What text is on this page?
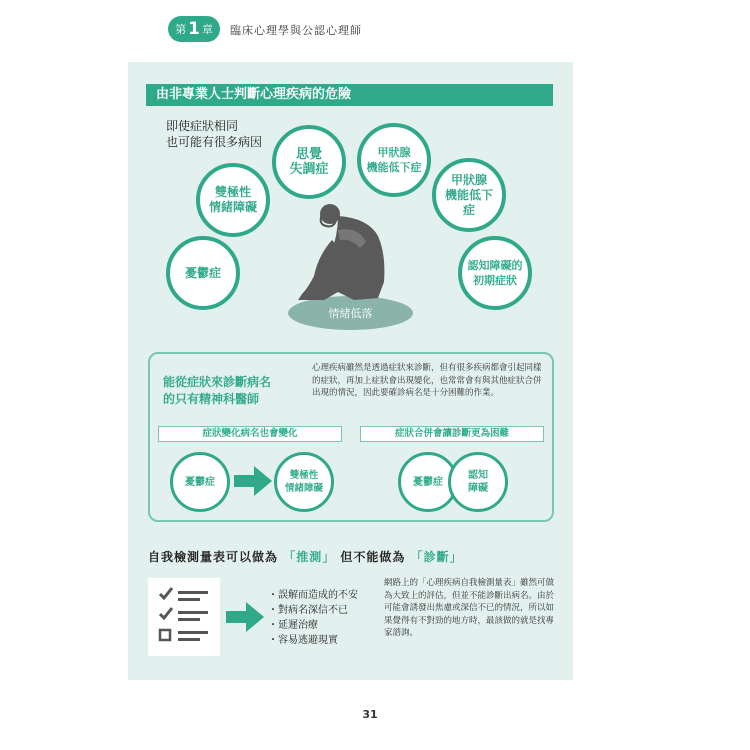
第 1 章 臨床心理學與公認心理師
由非專業人士判斷心理疾病的危險
即使症狀相同
也可能有很多病因
雙極性
情緒障礙
思覺
失調症
甲狀腺
機能低下症
甲狀腺
機能低下
症
憂鬱症	認知障礙的
初期症狀
情緒低落
能從症狀來診斷病名
的只有精神科醫師
心理疾病雖然是透過症狀來診斷，但有很多疾病都會引起同樣的症狀，再加上症狀會出現變化，也常常會有與其他症狀合併出現的情況，因此要確診病名是十分困難的作業。
症狀變化病名也會變化	症狀合併會讓診斷更為困難
憂鬱症
雙極性
情緒障礙
憂鬱症
認知
障礙
自我檢測量表可以做為 「推測」 但不能做為 「診斷」
・誤解而造成的不安
・對病名深信不已
・延遲治療
・容易逃避現實
網路上的「心理疾病自我檢測量表」雖然可做為大致上的評估，但並不能診斷出病名。由於可能會誘發出焦慮或深信不已的情況，所以如果覺得有不對勁的地方時，最該做的就是找專家諮詢。
31
